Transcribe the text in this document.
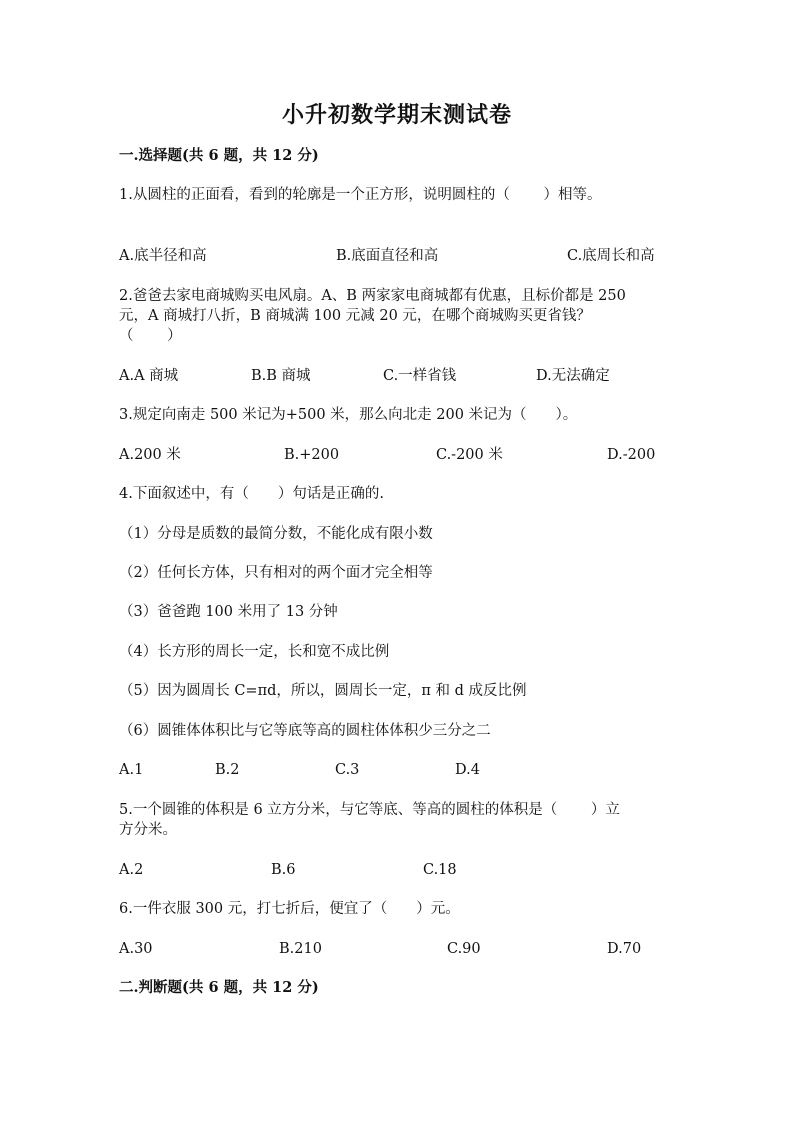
小升初数学期末测试卷
一.选择题(共 6 题，共 12 分)
1.从圆柱的正面看，看到的轮廓是一个正方形，说明圆柱的（　　 ）相等。
A.底半径和高	B.底面直径和高	C.底周长和高
2.爸爸去家电商城购买电风扇。A、B 两家家电商城都有优惠，且标价都是 250
元，A 商城打八折，B 商城满 100 元减 20 元，在哪个商城购买更省钱？
（　　 ）
A.A 商城	B.B 商城	C.一样省钱	D.无法确定
3.规定向南走 500 米记为+500 米，那么向北走 200 米记为（　　）。
A.200 米	B.+200	C.-200 米	D.-200
4.下面叙述中，有（　　）句话是正确的.
（1）分母是质数的最简分数，不能化成有限小数
（2）任何长方体，只有相对的两个面才完全相等
（3）爸爸跑 100 米用了 13 分钟
（4）长方形的周长一定，长和宽不成比例
（5）因为圆周长 C=πd，所以，圆周长一定，π 和 d 成反比例
（6）圆锥体体积比与它等底等高的圆柱体体积少三分之二
A.1	B.2	C.3	D.4
5.一个圆锥的体积是 6 立方分米，与它等底、等高的圆柱的体积是（　　 ）立
方分米。
A.2	B.6	C.18
6.一件衣服 300 元，打七折后，便宜了（　　）元。
A.30	B.210	C.90	D.70
二.判断题(共 6 题，共 12 分)
